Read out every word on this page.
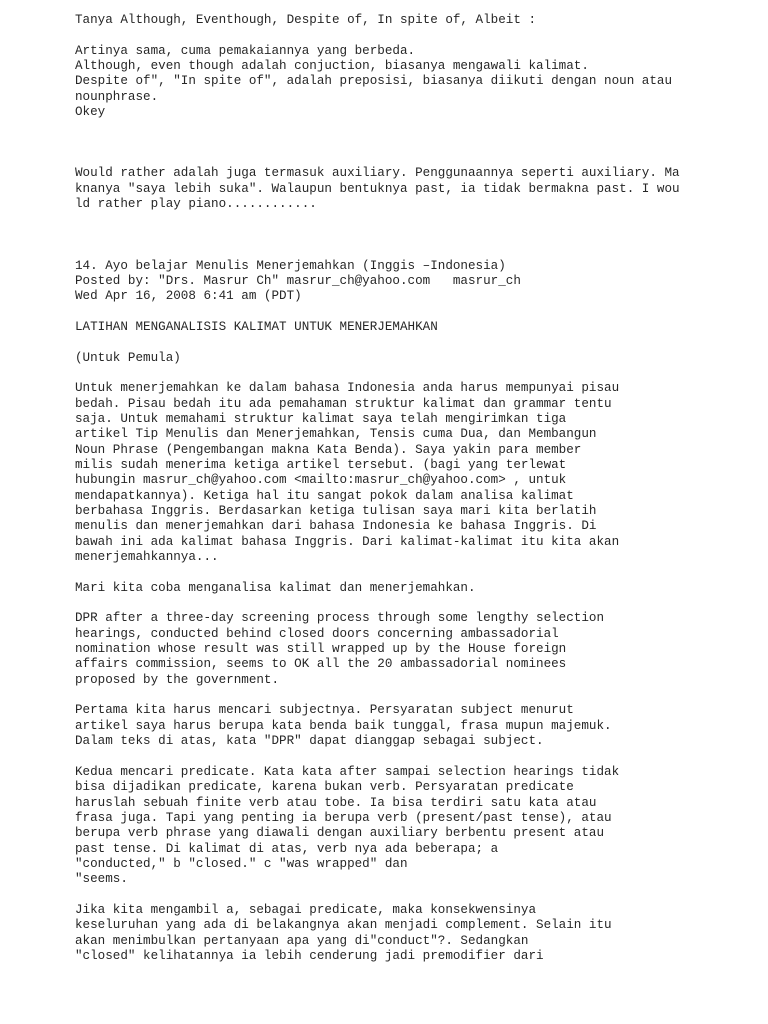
Tanya Although, Eventhough, Despite of, In spite of, Albeit :
Artinya sama, cuma pemakaiannya yang berbeda.
Although, even though adalah conjuction, biasanya mengawali kalimat.
Despite of", "In spite of", adalah preposisi, biasanya diikuti dengan noun atau
nounphrase.
Okey
Would rather adalah juga termasuk auxiliary. Penggunaannya seperti auxiliary. Ma
knanya "saya lebih suka". Walaupun bentuknya past, ia tidak bermakna past. I wou
ld rather play piano............
14. Ayo belajar Menulis Menerjemahkan (Inggis –Indonesia)
Posted by: "Drs. Masrur Ch" masrur_ch@yahoo.com   masrur_ch
Wed Apr 16, 2008 6:41 am (PDT)
LATIHAN MENGANALISIS KALIMAT UNTUK MENERJEMAHKAN
(Untuk Pemula)
Untuk menerjemahkan ke dalam bahasa Indonesia anda harus mempunyai pisau
bedah. Pisau bedah itu ada pemahaman struktur kalimat dan grammar tentu
saja. Untuk memahami struktur kalimat saya telah mengirimkan tiga
artikel Tip Menulis dan Menerjemahkan, Tensis cuma Dua, dan Membangun
Noun Phrase (Pengembangan makna Kata Benda). Saya yakin para member
milis sudah menerima ketiga artikel tersebut. (bagi yang terlewat
hubungin masrur_ch@yahoo.com <mailto:masrur_ch@yahoo.com> , untuk
mendapatkannya). Ketiga hal itu sangat pokok dalam analisa kalimat
berbahasa Inggris. Berdasarkan ketiga tulisan saya mari kita berlatih
menulis dan menerjemahkan dari bahasa Indonesia ke bahasa Inggris. Di
bawah ini ada kalimat bahasa Inggris. Dari kalimat-kalimat itu kita akan
menerjemahkannya...
Mari kita coba menganalisa kalimat dan menerjemahkan.
DPR after a three-day screening process through some lengthy selection
hearings, conducted behind closed doors concerning ambassadorial
nomination whose result was still wrapped up by the House foreign
affairs commission, seems to OK all the 20 ambassadorial nominees
proposed by the government.
Pertama kita harus mencari subjectnya. Persyaratan subject menurut
artikel saya harus berupa kata benda baik tunggal, frasa mupun majemuk.
Dalam teks di atas, kata "DPR" dapat dianggap sebagai subject.
Kedua mencari predicate. Kata kata after sampai selection hearings tidak
bisa dijadikan predicate, karena bukan verb. Persyaratan predicate
haruslah sebuah finite verb atau tobe. Ia bisa terdiri satu kata atau
frasa juga. Tapi yang penting ia berupa verb (present/past tense), atau
berupa verb phrase yang diawali dengan auxiliary berbentu present atau
past tense. Di kalimat di atas, verb nya ada beberapa; a
"conducted," b "closed." c "was wrapped" dan
"seems.
Jika kita mengambil a, sebagai predicate, maka konsekwensinya
keseluruhan yang ada di belakangnya akan menjadi complement. Selain itu
akan menimbulkan pertanyaan apa yang di"conduct"?. Sedangkan
"closed" kelihatannya ia lebih cenderung jadi premodifier dari
